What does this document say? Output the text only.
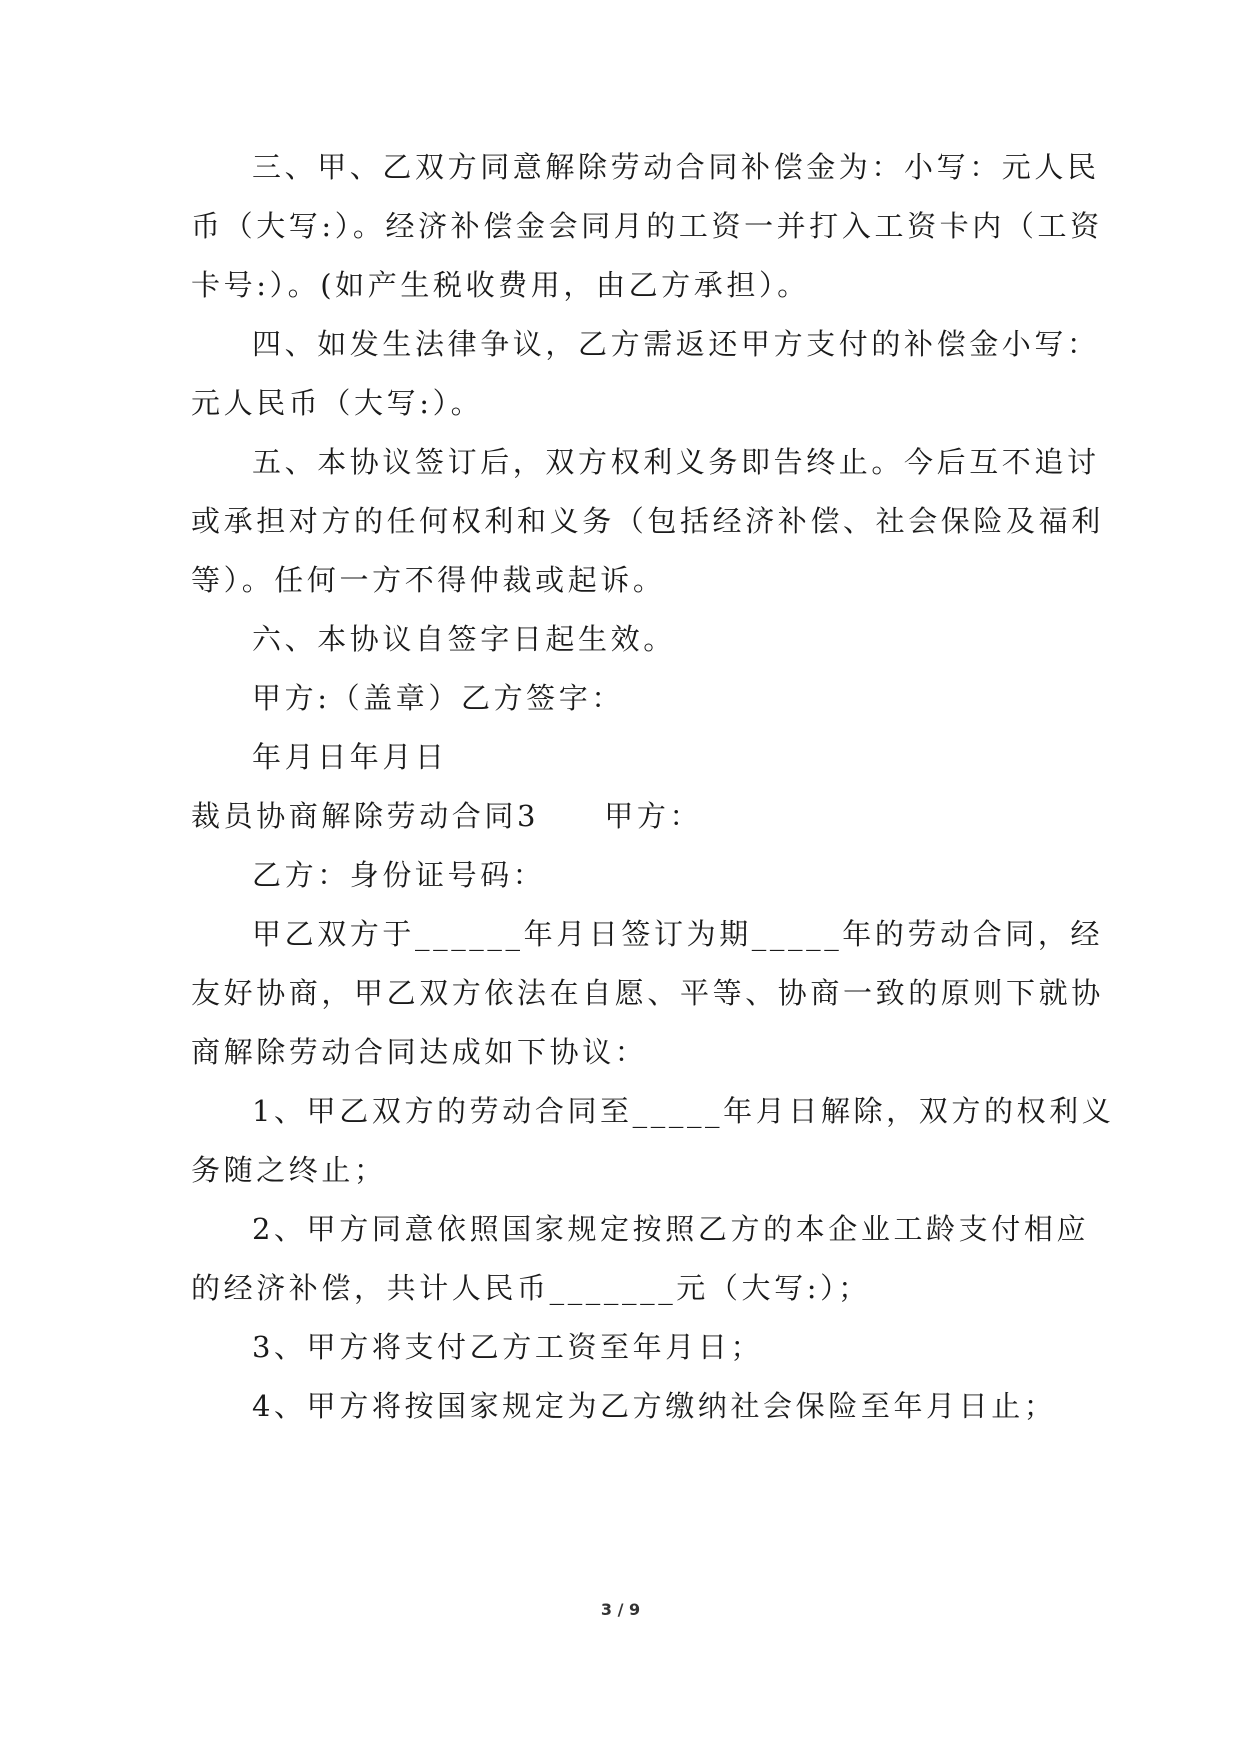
三、甲、乙双方同意解除劳动合同补偿金为：小写：元人民
币（大写:）。经济补偿金会同月的工资一并打入工资卡内（工资
卡号:）。(如产生税收费用，由乙方承担）。
四、如发生法律争议，乙方需返还甲方支付的补偿金小写：
元人民币（大写:）。
五、本协议签订后，双方权利义务即告终止。今后互不追讨
或承担对方的任何权利和义务（包括经济补偿、社会保险及福利
等）。任何一方不得仲裁或起诉。
六、本协议自签字日起生效。
甲方:（盖章）乙方签字：
年月日年月日
裁员协商解除劳动合同3　　甲方：
乙方：身份证号码：
甲乙双方于______年月日签订为期_____年的劳动合同，经
友好协商，甲乙双方依法在自愿、平等、协商一致的原则下就协
商解除劳动合同达成如下协议：
1、甲乙双方的劳动合同至_____年月日解除，双方的权利义
务随之终止；
2、甲方同意依照国家规定按照乙方的本企业工龄支付相应
的经济补偿，共计人民币_______元（大写:）；
3、甲方将支付乙方工资至年月日；
4、甲方将按国家规定为乙方缴纳社会保险至年月日止；
3 / 9
